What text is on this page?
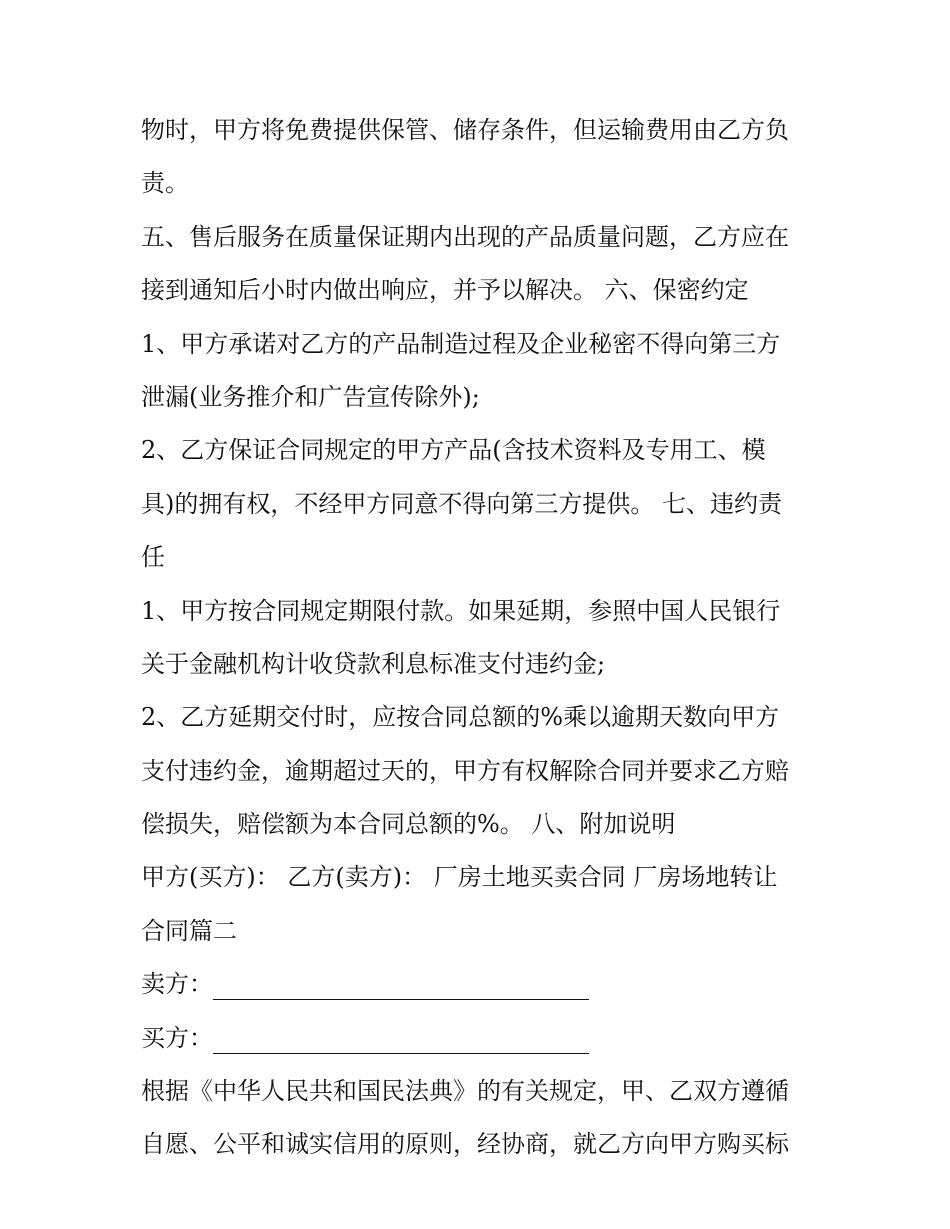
物时，甲方将免费提供保管、储存条件，但运输费用由乙方负
责。
五、售后服务在质量保证期内出现的产品质量问题，乙方应在
接到通知后小时内做出响应，并予以解决。 六、保密约定
1、甲方承诺对乙方的产品制造过程及企业秘密不得向第三方
泄漏(业务推介和广告宣传除外);
2、乙方保证合同规定的甲方产品(含技术资料及专用工、模
具)的拥有权，不经甲方同意不得向第三方提供。 七、违约责
任
1、甲方按合同规定期限付款。如果延期，参照中国人民银行
关于金融机构计收贷款利息标准支付违约金;
2、乙方延期交付时，应按合同总额的%乘以逾期天数向甲方
支付违约金，逾期超过天的，甲方有权解除合同并要求乙方赔
偿损失，赔偿额为本合同总额的%。 八、附加说明
甲方(买方)： 乙方(卖方)： 厂房土地买卖合同 厂房场地转让
合同篇二
卖方：
买方：
根据《中华人民共和国民法典》的有关规定，甲、乙双方遵循
自愿、公平和诚实信用的原则，经协商，就乙方向甲方购买标
